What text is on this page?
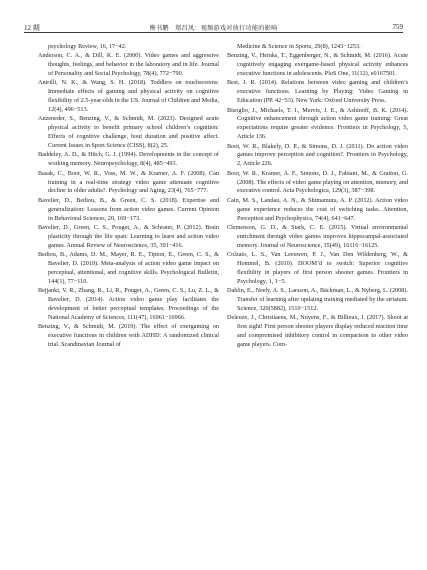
12 期	衡书鹏　郑昌凤：视频游戏对执行功能的影响	759

psychology Review, 16, 17−42.

Anderson, C. A., & Dill, K. E. (2000). Video games and aggressive thoughts, feelings, and behavior in the laboratory and in life. Journal of Personality and Social Psychology, 78(4), 772−790.

Antrilli, N. K., & Wang, S. H. (2018). Toddlers on touchscreens: Immediate effects of gaming and physical activity on cognitive flexibility of 2.5-year-olds in the US. Journal of Children and Media, 12(4), 496−513.

Anzeneder, S., Benzing, V., & Schmidt, M. (2023). Designed acute physical activity to benefit primary school children’s cognition: Effects of cognitive challenge, bout duration and positive affect. Current Issues in Sport Science (CISS), 8(2), 25.

Baddeley, A. D., & Hitch, G. J. (1994). Developments in the concept of working memory. Neuropsychology, 8(4), 485−493.

Basak, C., Boot, W. R., Voss, M. W., & Kramer, A. F. (2008). Can training in a real-time strategy video game attenuate cognitive decline in older adults?. Psychology and Aging, 23(4), 765−777.

Bavelier, D., Bediou, B., & Green, C. S. (2018). Expertise and generalization: Lessons from action video games. Current Opinion in Behavioral Sciences, 20, 169−173.

Bavelier, D., Green, C. S., Pouget, A., & Schrater, P. (2012). Brain plasticity through the life span: Learning to learn and action video games. Annual Review of Neuroscience, 35, 391−416.

Bediou, B., Adams, D. M., Mayer, R. E., Tipton, E., Green, C. S., & Bavelier, D. (2018). Meta-analysis of action video game impact on perceptual, attentional, and cognitive skills. Psychological Bulletin, 144(1), 77−110.

Bejjanki, V. R., Zhang, R., Li, R., Pouget, A., Green, C. S., Lu, Z. L., & Bavelier, D. (2014). Action video game play facilitates the development of better perceptual templates. Proceedings of the National Academy of Sciences, 111(47), 16961−16966.

Benzing, V., & Schmidt, M. (2019). The effect of exergaming on executive functions in children with ADHD: A randomized clinical trial. Scandinavian Journal of

Medicine & Science in Sports, 29(8), 1243−1253.

Benzing, V., Heinks, T., Eggenberger, N., & Schmidt, M. (2016). Acute cognitively engaging exergame-based physical activity enhances executive functions in adolescents. PloS One, 11(12), e0167501.

Best, J. R. (2014). Relations between video gaming and children’s executive functions. Learning by Playing: Video Gaming in Education (PP. 42−53). New York: Oxford University Press.

Bisoglio, J., Michaels, T. I., Mervis, J. E., & Ashinoff, B. K. (2014). Cognitive enhancement through action video game training: Great expectations require greater evidence. Frontiers in Psychology, 5, Article 136.

Boot, W. R., Blakely, D. P., & Simons, D. J. (2011). Do action video games improve perception and cognition?. Frontiers in Psychology, 2, Article 226.

Boot, W. R., Kramer, A. F., Simons, D. J., Fabiani, M., & Gratton, G. (2008). The effects of video game playing on attention, memory, and executive control. Acta Psychologica, 129(3), 387−398.

Cain, M. S., Landau, A. N., & Shimamura, A. P. (2012). Action video game experience reduces the cost of switching tasks. Attention, Perception and Psychophysics, 74(4), 641−647.

Clemenson, G. D., & Stark, C. E. (2015). Virtual environmental enrichment through video games improves hippocampal-associated memory. Journal of Neuroscience, 35(49), 16116−16125.

Colzato, L. S., Van Leeuwen, P. J., Van Den Wildenberg, W., & Hommel, B. (2010). DOOM’d to switch: Superior cognitive flexibility in players of first person shooter games. Frontiers in Psychology, 1, 1−5.

Dahlin, E., Neely, A. S., Larsson, A., Bäckman, L., & Nyberg, L. (2008). Transfer of learning after updating training mediated by the striatum. Science, 320(5882), 1510−1512.

Deleuze, J., Christiaens, M., Nuyens, F., & Billieux, J. (2017). Shoot at first sight! First person shooter players display reduced reaction time and compromised inhibitory control in comparison to other video game players. Com-
